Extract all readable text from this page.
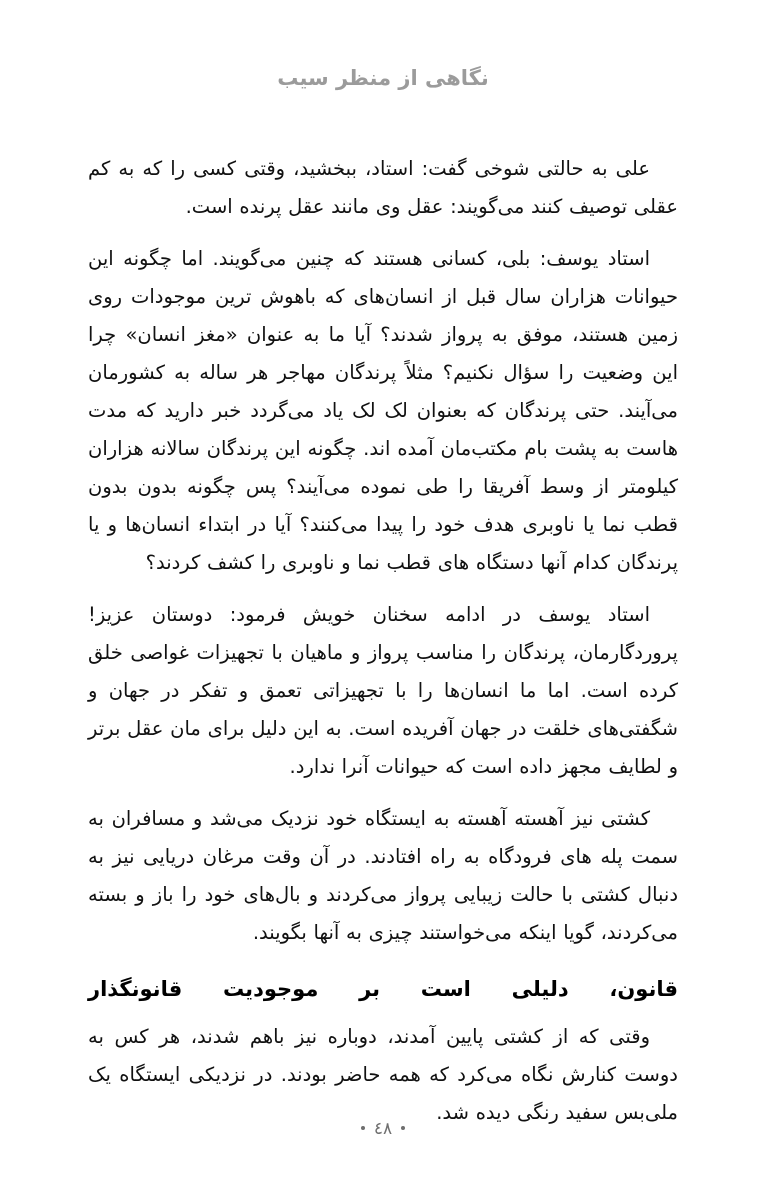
نگاهی از منظر سیب

علی به حالتی شوخی گفت: استاد، ببخشید، وقتی کسی را که به کم عقلی توصیف کنند می‌گویند: عقل وی مانند عقل پرنده است.

استاد یوسف: بلی، کسانی هستند که چنین می‌گویند. اما چگونه این حیوانات هزاران سال قبل از انسان‌های که باهوش ترین موجودات روی زمین هستند، موفق به پرواز شدند؟ آیا ما به عنوان «مغز انسان» چرا این وضعیت را سؤال نکنیم؟ مثلاً پرندگان مهاجر هر ساله به کشورمان می‌آیند. حتی پرندگان که بعنوان لک لک یاد می‌گردد خبر دارید که مدت هاست به پشت بام مکتب‌مان آمده اند. چگونه این پرندگان سالانه هزاران کیلومتر از وسط آفریقا را طی نموده می‌آیند؟ پس چگونه بدون بدون قطب نما یا ناوبری هدف خود را پیدا می‌کنند؟ آیا در ابتداء انسان‌ها و یا پرندگان کدام آنها دستگاه های قطب نما و ناوبری را کشف کردند؟

استاد یوسف در ادامه سخنان خویش فرمود: دوستان عزیز! پروردگارمان، پرندگان را مناسب پرواز و ماهیان با تجهیزات غواصی خلق کرده است. اما ما انسان‌ها را با تجهیزاتی تعمق و تفکر در جهان و شگفتی‌های خلقت در جهان آفریده است. به این دلیل برای مان عقل برتر و لطایف مجهز داده است که حیوانات آنرا ندارد.

کشتی نیز آهسته آهسته به ایستگاه خود نزدیک می‌شد و مسافران به سمت پله های فرودگاه به راه افتادند. در آن وقت مرغان دریایی نیز به دنبال کشتی با حالت زیبایی پرواز می‌کردند و بال‌های خود را باز و بسته می‌کردند، گویا اینکه می‌خواستند چیزی به آنها بگویند.

قانون، دلیلی است بر موجودیت قانونگذار

وقتی که از کشتی پایین آمدند، دوباره نیز باهم شدند، هر کس به دوست کنارش نگاه می‌کرد که همه حاضر بودند. در نزدیکی ایستگاه یک ملی‌بس سفید رنگی دیده شد.

٤٨
